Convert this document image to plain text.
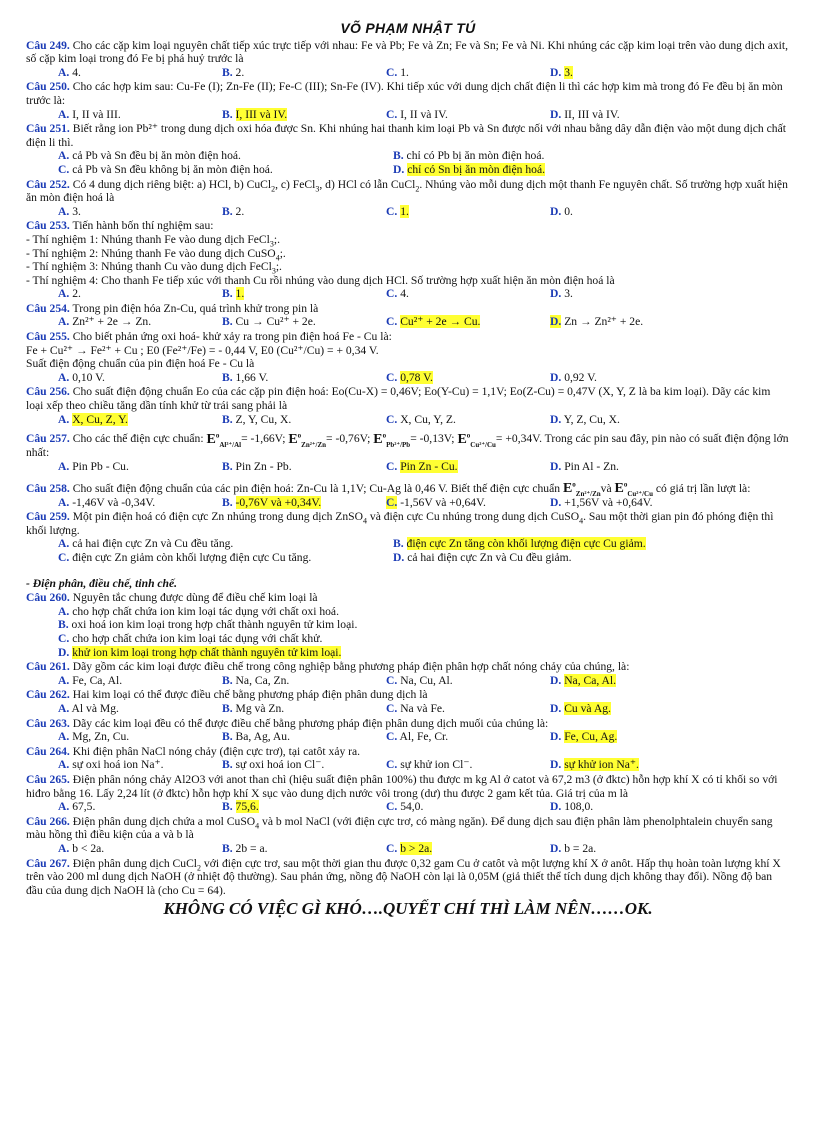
VÕ PHẠM NHẬT TÚ
Câu 249. Cho các cặp kim loại nguyên chất tiếp xúc trực tiếp với nhau: Fe và Pb; Fe và Zn; Fe và Sn; Fe và Ni. Khi nhúng các cặp kim loại trên vào dung dịch axit, số cặp kim loại trong đó Fe bị phá huỷ trước là
A. 4.	B. 2.	C. 1.	D. 3.
Câu 250. Cho các hợp kim sau: Cu-Fe (I); Zn-Fe (II); Fe-C (III); Sn-Fe (IV). Khi tiếp xúc với dung dịch chất điện li thì các hợp kim mà trong đó Fe đều bị ăn mòn trước là:
A. I, II và III.	B. I, III và IV.	C. I, II và IV.	D. II, III và IV.
Câu 251. Biết rằng ion Pb²⁺ trong dung dịch oxi hóa được Sn. Khi nhúng hai thanh kim loại Pb và Sn được nối với nhau bằng dây dẫn điện vào một dung dịch chất điện li thì.
A. cả Pb và Sn đều bị ăn mòn điện hoá.	B. chỉ có Pb bị ăn mòn điện hoá.
C. cả Pb và Sn đều không bị ăn mòn điện hoá.	D. chỉ có Sn bị ăn mòn điện hoá.
Câu 252. Có 4 dung dịch riêng biệt: a) HCl, b) CuCl$_2$, c) FeCl$_3$, d) HCl có lẫn CuCl$_2$. Nhúng vào mỗi dung dịch một thanh Fe nguyên chất. Số trường hợp xuất hiện ăn mòn điện hoá là
A. 3.	B. 2.	C. 1.	D. 0.
Câu 253. Tiến hành bốn thí nghiệm sau:
- Thí nghiệm 1: Nhúng thanh Fe vào dung dịch FeCl$_3$;.
- Thí nghiệm 2: Nhúng thanh Fe vào dung dịch CuSO$_4$;.
- Thí nghiệm 3: Nhúng thanh Cu vào dung dịch FeCl$_3$;.
- Thí nghiệm 4: Cho thanh Fe tiếp xúc với thanh Cu rồi nhúng vào dung dịch HCl. Số trường hợp xuất hiện ăn mòn điện hoá là
A. 2.	B. 1.	C. 4.	D. 3.
Câu 254. Trong pin điện hóa Zn-Cu, quá trình khử trong pin là
A. Zn²⁺ + 2e → Zn.	B. Cu → Cu²⁺ + 2e.	C. Cu²⁺ + 2e → Cu.	D. Zn → Zn²⁺ + 2e.
Câu 255. Cho biết phản ứng oxi hoá- khử xảy ra trong pin điện hoá Fe - Cu là:
Fe + Cu²⁺ → Fe²⁺ + Cu ; E0 (Fe²⁺/Fe) = - 0,44 V, E0 (Cu²⁺/Cu) = + 0,34 V.
Suất điện động chuẩn của pin điện hoá Fe - Cu là
A. 0,10 V.	B. 1,66 V.	C. 0,78 V.	D. 0,92 V.
Câu 256. Cho suất điện động chuẩn Eo của các cặp pin điện hoá: Eo(Cu-X) = 0,46V; Eo(Y-Cu) = 1,1V; Eo(Z-Cu) = 0,47V (X, Y, Z là ba kim loại). Dãy các kim loại xếp theo chiều tăng dần tính khử từ trái sang phải là
A. X, Cu, Z, Y.	B. Z, Y, Cu, X.	C. X, Cu, Y, Z.	D. Y, Z, Cu, X.
Câu 257. Cho các thế điện cực chuẩn: $E^o_{Al^{3+}/Al}= -1,66V$; $E^o_{Zn^{2+}/Zn}= -0,76V$; $E^o_{Pb^{2+}/Pb}= -0,13V$; $E^o_{Cu^{2+}/Cu}= +0,34V$. Trong các pin sau đây, pin nào có suất điện động lớn nhất:
A. Pin Pb - Cu.	B. Pin Zn - Pb.	C. Pin Zn - Cu.	D. Pin Al - Zn.
Câu 258. Cho suất điện động chuẩn của các pin điện hoá: Zn-Cu là 1,1V; Cu-Ag là 0,46 V. Biết thế điện cực chuẩn $E^o_{Zn^{2+}/Zn}và$ $E^o_{Cu^{2+}/Cu}$ có giá trị lần lượt là:
A. -1,46V và -0,34V.	B. -0,76V và +0,34V.	C. -1,56V và +0,64V.	D. +1,56V và +0,64V.
Câu 259. Một pin điện hoá có điện cực Zn nhúng trong dung dịch ZnSO$_4$ và điện cực Cu nhúng trong dung dịch CuSO$_4$. Sau một thời gian pin đó phóng điện thì khối lượng.
A. cả hai điện cực Zn và Cu đều tăng.	B. điện cực Zn tăng còn khối lượng điện cực Cu giảm.
C. điện cực Zn giảm còn khối lượng điện cực Cu tăng.	D. cả hai điện cực Zn và Cu đều giảm.
- Điện phân, điều chế, tinh chế.
Câu 260. Nguyên tắc chung được dùng để điều chế kim loại là
A. cho hợp chất chứa ion kim loại tác dụng với chất oxi hoá.
B. oxi hoá ion kim loại trong hợp chất thành nguyên tử kim loại.
C. cho hợp chất chứa ion kim loại tác dụng với chất khử.
D. khử ion kim loại trong hợp chất thành nguyên tử kim loại.
Câu 261. Dãy gồm các kim loại được điều chế trong công nghiệp bằng phương pháp điện phân hợp chất nóng chảy của chúng, là:
A. Fe, Ca, Al.	B. Na, Ca, Zn.	C. Na, Cu, Al.	D. Na, Ca, Al.
Câu 262. Hai kim loại có thể được điều chế bằng phương pháp điện phân dung dịch là
A. Al và Mg.	B. Mg và Zn.	C. Na và Fe.	D. Cu và Ag.
Câu 263. Dãy các kim loại đều có thể được điều chế bằng phương pháp điện phân dung dịch muối của chúng là:
A. Mg, Zn, Cu.	B. Ba, Ag, Au.	C. Al, Fe, Cr.	D. Fe, Cu, Ag.
Câu 264. Khi điện phân NaCl nóng chảy (điện cực trơ), tại catôt xảy ra.
A. sự oxi hoá ion Na⁺.	B. sự oxi hoá ion Cl⁻.	C. sự khử ion Cl⁻.	D. sự khử ion Na⁺.
Câu 265. Điện phân nóng chảy Al2O3 với anot than chì (hiệu suất điện phân 100%) thu được m kg Al ở catot và 67,2 m3 (ở đktc) hỗn hợp khí X có tỉ khối so với hiđro bằng 16. Lấy 2,24 lít (ở đktc) hỗn hợp khí X sục vào dung dịch nước vôi trong (dư) thu được 2 gam kết tủa. Giá trị của m là
A. 67,5.	B. 75,6.	C. 54,0.	D. 108,0.
Câu 266. Điện phân dung dịch chứa a mol CuSO$_4$ và b mol NaCl (với điện cực trơ, có màng ngăn). Để dung dịch sau điện phân làm phenolphtalein chuyển sang màu hồng thì điều kiện của a và b là
A. b < 2a.	B. 2b = a.	C. b > 2a.	D. b = 2a.
Câu 267. Điện phân dung dịch CuCl$_2$ với điện cực trơ, sau một thời gian thu được 0,32 gam Cu ở catôt và một lượng khí X ở anôt. Hấp thụ hoàn toàn lượng khí X trên vào 200 ml dung dịch NaOH (ở nhiệt độ thường). Sau phản ứng, nồng độ NaOH còn lại là 0,05M (giả thiết thể tích dung dịch không thay đổi). Nồng độ ban đầu của dung dịch NaOH là (cho Cu = 64).
KHÔNG CÓ VIỆC GÌ KHÓ….QUYẾT CHÍ THÌ LÀM NÊN……OK.
